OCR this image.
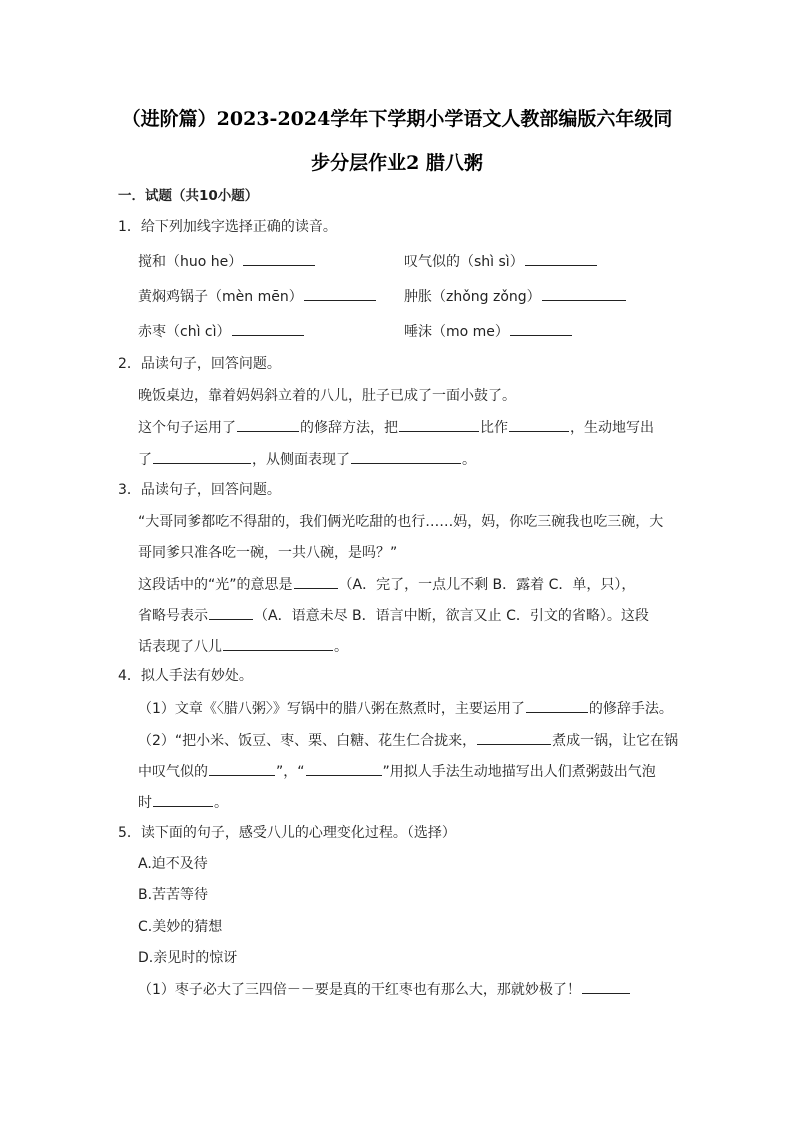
（进阶篇）2023-2024学年下学期小学语文人教部编版六年级同
步分层作业2 腊八粥
一．试题（共10小题）
1．给下列加线字选择正确的读音。
搅和（huo he）	叹气似的（shì sì）
黄焖鸡锅子（mèn mēn）	肿胀（zhǒng zǒng）
赤枣（chì cì）	唾沫（mo me）
2．品读句子，回答问题。
晚饭桌边，靠着妈妈斜立着的八儿，肚子已成了一面小鼓了。
这个句子运用了	的修辞方法，把	比作	，生动地写出
了	，从侧面表现了	。
3．品读句子，回答问题。
“大哥同爹都吃不得甜的，我们俩光吃甜的也行……妈，妈，你吃三碗我也吃三碗，大
哥同爹只准各吃一碗，一共八碗，是吗？”
这段话中的“光”的意思是	（A．完了，一点儿不剩 B．露着 C．单，只），
省略号表示	（A．语意未尽 B．语言中断，欲言又止 C．引文的省略）。这段
话表现了八儿	。
4．拟人手法有妙处。
（1）文章《〈腊八粥〉》写锅中的腊八粥在熬煮时，主要运用了	的修辞手法。
（2）“把小米、饭豆、枣、栗、白糖、花生仁合拢来，	煮成一锅，让它在锅
中叹气似的	”，“	”用拟人手法生动地描写出人们煮粥鼓出气泡
时	。
5．读下面的句子，感受八儿的心理变化过程。（选择）
A.迫不及待
B.苦苦等待
C.美妙的猜想
D.亲见时的惊讶
（1）枣子必大了三四倍－－要是真的干红枣也有那么大，那就妙极了！
